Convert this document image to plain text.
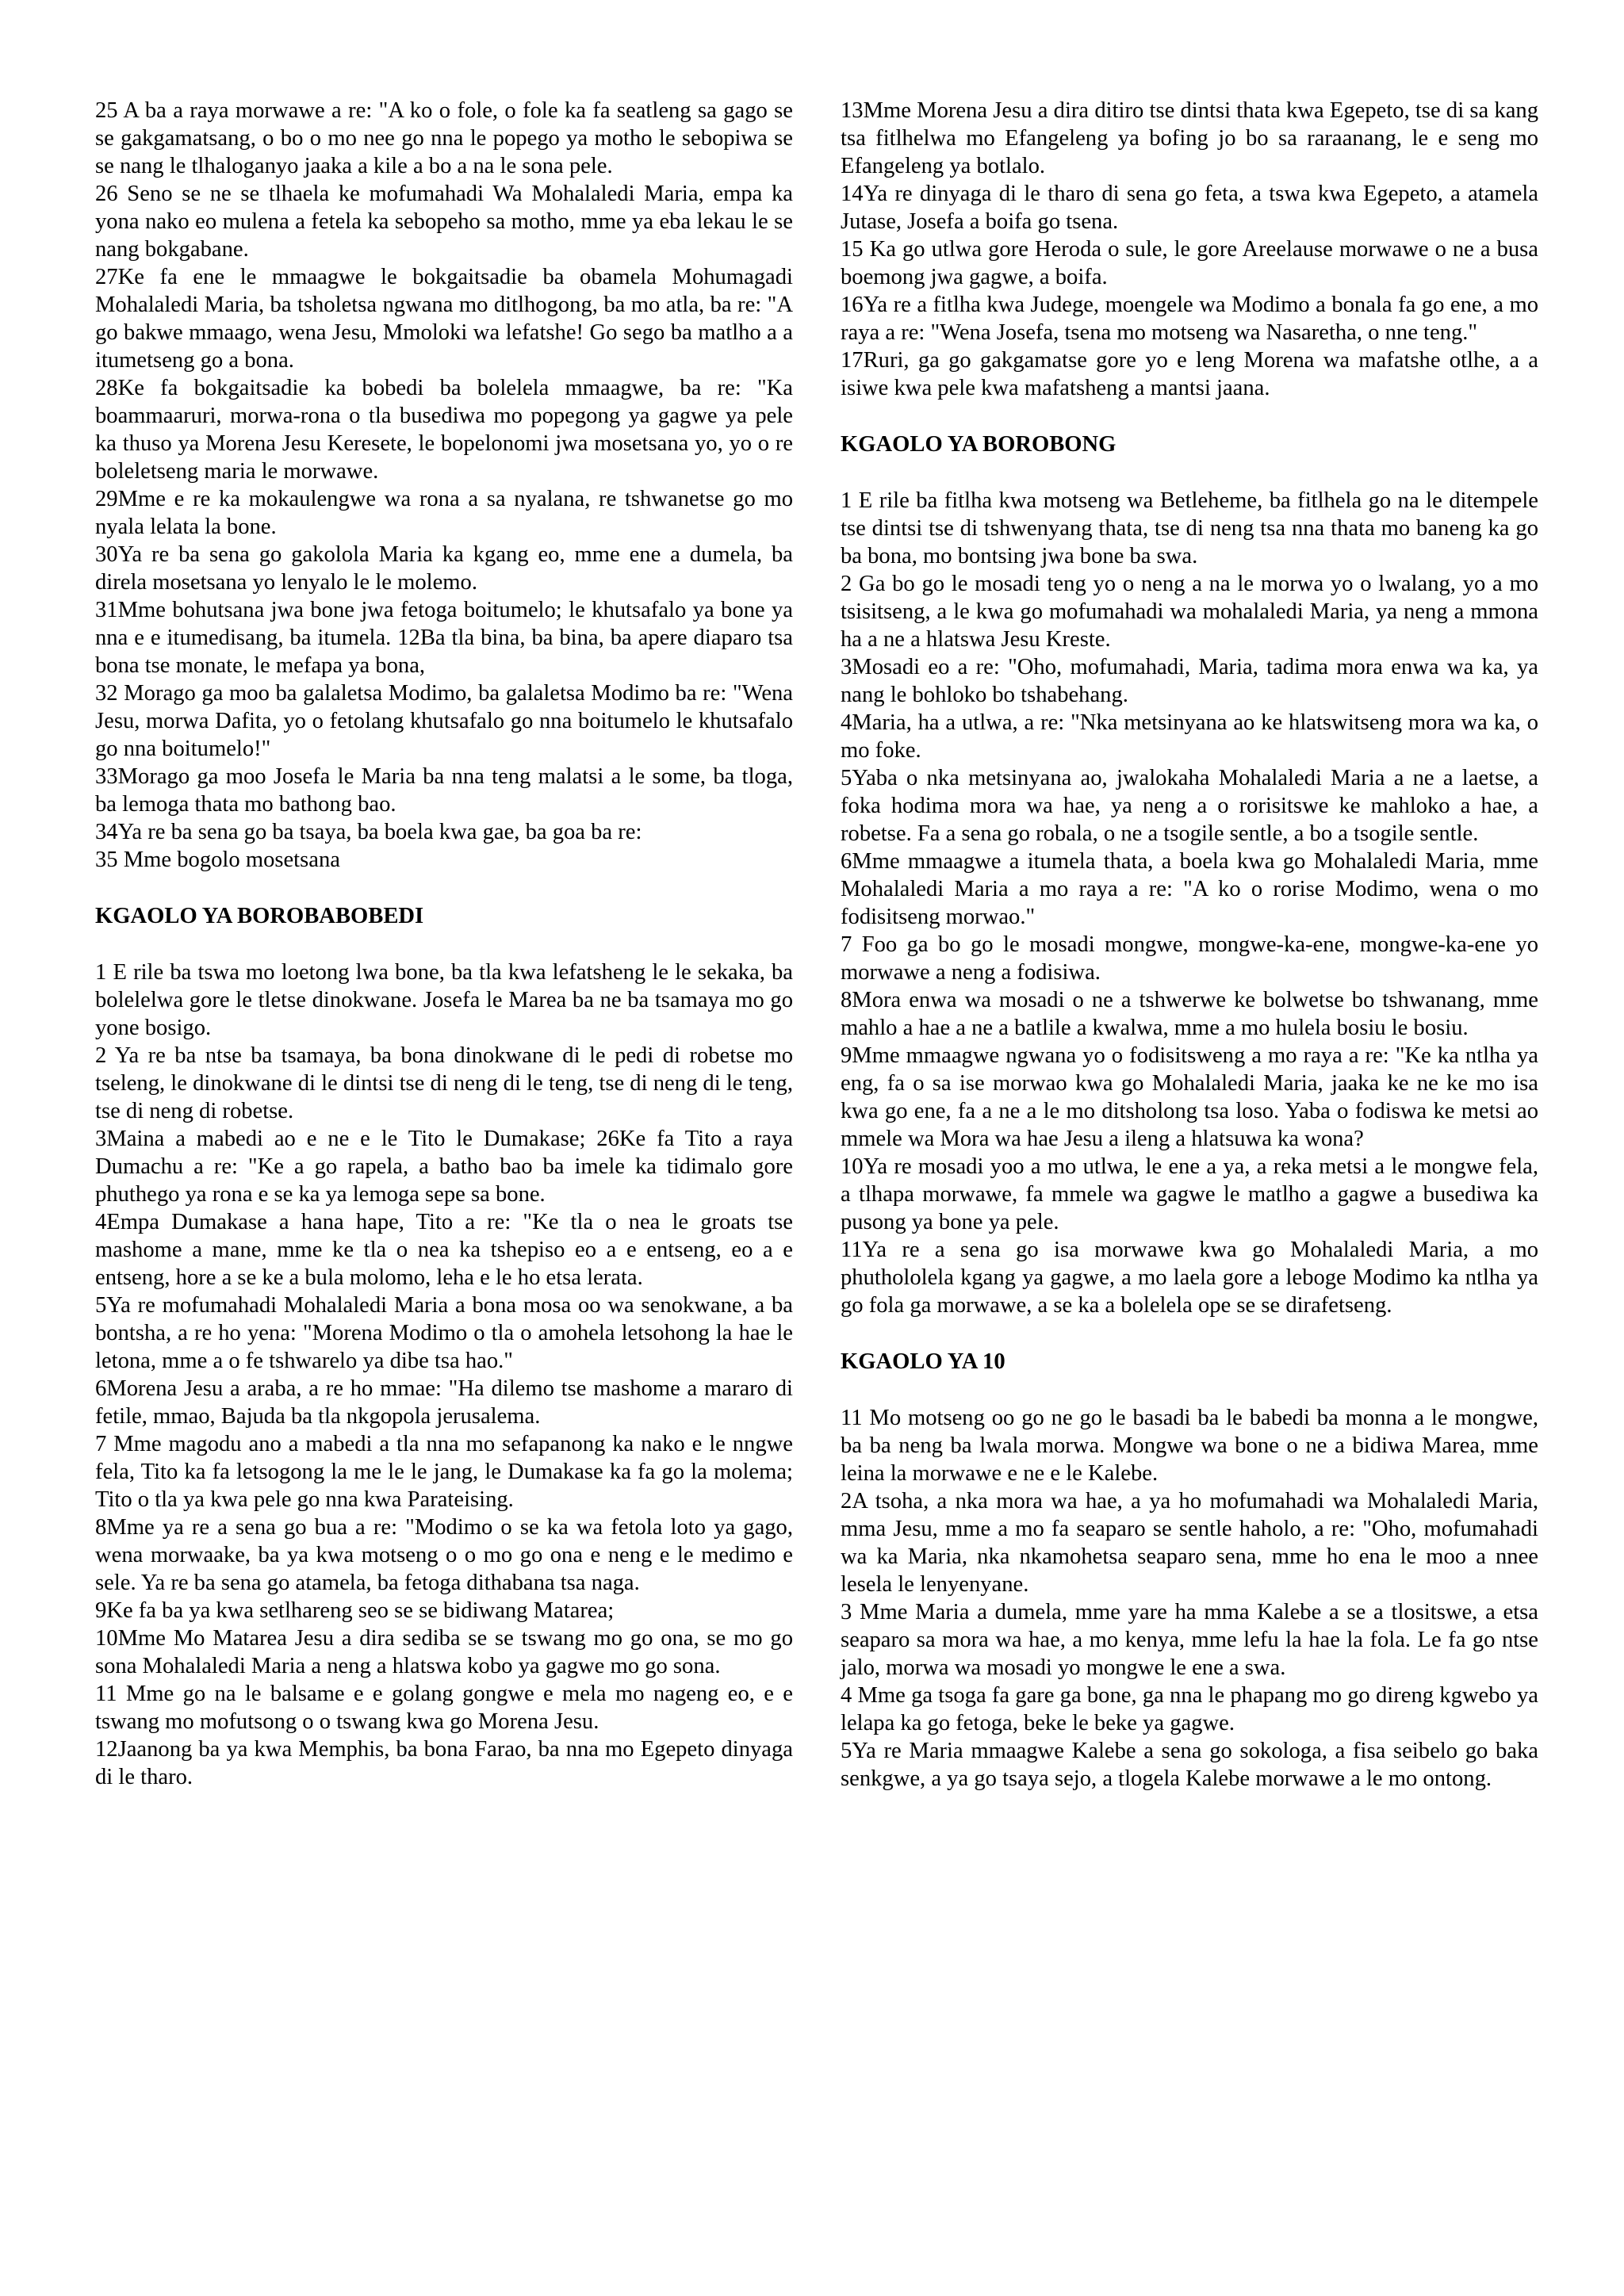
25 A ba a raya morwawe a re: "A ko o fole, o fole ka fa seatleng sa gago se se gakgamatsang, o bo o mo nee go nna le popego ya motho le sebopiwa se se nang le tlhaloganyo jaaka a kile a bo a na le sona pele.

26 Seno se ne se tlhaela ke mofumahadi Wa Mohalaledi Maria, empa ka yona nako eo mulena a fetela ka sebopeho sa motho, mme ya eba lekau le se nang bokgabane.

27Ke fa ene le mmaagwe le bokgaitsadie ba obamela Mohumagadi Mohalaledi Maria, ba tsholetsa ngwana mo ditlhogong, ba mo atla, ba re: "A go bakwe mmaago, wena Jesu, Mmoloki wa lefatshe! Go sego ba matlho a a itumetseng go a bona.

28Ke fa bokgaitsadie ka bobedi ba bolelela mmaagwe, ba re: "Ka boammaaruri, morwa-rona o tla busediwa mo popegong ya gagwe ya pele ka thuso ya Morena Jesu Keresete, le bopelonomi jwa mosetsana yo, yo o re boleletseng maria le morwawe.

29Mme e re ka mokaulengwe wa rona a sa nyalana, re tshwanetse go mo nyala lelata la bone.

30Ya re ba sena go gakolola Maria ka kgang eo, mme ene a dumela, ba direla mosetsana yo lenyalo le le molemo.

31Mme bohutsana jwa bone jwa fetoga boitumelo; le khutsafalo ya bone ya nna e e itumedisang, ba itumela. 12Ba tla bina, ba bina, ba apere diaparo tsa bona tse monate, le mefapa ya bona,

32 Morago ga moo ba galaletsa Modimo, ba galaletsa Modimo ba re: "Wena Jesu, morwa Dafita, yo o fetolang khutsafalo go nna boitumelo le khutsafalo go nna boitumelo!"

33Morago ga moo Josefa le Maria ba nna teng malatsi a le some, ba tloga, ba lemoga thata mo bathong bao.

34Ya re ba sena go ba tsaya, ba boela kwa gae, ba goa ba re:

35 Mme bogolo mosetsana

KGAOLO YA BOROBABOBEDI

1 E rile ba tswa mo loetong lwa bone, ba tla kwa lefatsheng le le sekaka, ba bolelelwa gore le tletse dinokwane. Josefa le Marea ba ne ba tsamaya mo go yone bosigo.

2 Ya re ba ntse ba tsamaya, ba bona dinokwane di le pedi di robetse mo tseleng, le dinokwane di le dintsi tse di neng di le teng, tse di neng di le teng, tse di neng di robetse.

3Maina a mabedi ao e ne e le Tito le Dumakase; 26Ke fa Tito a raya Dumachu a re: "Ke a go rapela, a batho bao ba imele ka tidimalo gore phuthego ya rona e se ka ya lemoga sepe sa bone.

4Empa Dumakase a hana hape, Tito a re: "Ke tla o nea le groats tse mashome a mane, mme ke tla o nea ka tshepiso eo a e entseng, eo a e entseng, hore a se ke a bula molomo, leha e le ho etsa lerata.

5Ya re mofumahadi Mohalaledi Maria a bona mosa oo wa senokwane, a ba bontsha, a re ho yena: "Morena Modimo o tla o amohela letsohong la hae le letona, mme a o fe tshwarelo ya dibe tsa hao."

6Morena Jesu a araba, a re ho mmae: "Ha dilemo tse mashome a mararo di fetile, mmao, Bajuda ba tla nkgopola jerusalema.

7 Mme magodu ano a mabedi a tla nna mo sefapanong ka nako e le nngwe fela, Tito ka fa letsogong la me le le jang, le Dumakase ka fa go la molema; Tito o tla ya kwa pele go nna kwa Parateising.

8Mme ya re a sena go bua a re: "Modimo o se ka wa fetola loto ya gago, wena morwaake, ba ya kwa motseng o o mo go ona e neng e le medimo e sele. Ya re ba sena go atamela, ba fetoga dithabana tsa naga.

9Ke fa ba ya kwa setlhareng seo se se bidiwang Matarea;

10Mme Mo Matarea Jesu a dira sediba se se tswang mo go ona, se mo go sona Mohalaledi Maria a neng a hlatswa kobo ya gagwe mo go sona.

11 Mme go na le balsame e e golang gongwe e mela mo nageng eo, e e tswang mo mofutsong o o tswang kwa go Morena Jesu.

12Jaanong ba ya kwa Memphis, ba bona Farao, ba nna mo Egepeto dinyaga di le tharo.

13Mme Morena Jesu a dira ditiro tse dintsi thata kwa Egepeto, tse di sa kang tsa fitlhelwa mo Efangeleng ya bofing jo bo sa raraanang, le e seng mo Efangeleng ya botlalo.

14Ya re dinyaga di le tharo di sena go feta, a tswa kwa Egepeto, a atamela Jutase, Josefa a boifa go tsena.

15 Ka go utlwa gore Heroda o sule, le gore Areelause morwawe o ne a busa boemong jwa gagwe, a boifa.

16Ya re a fitlha kwa Judege, moengele wa Modimo a bonala fa go ene, a mo raya a re: "Wena Josefa, tsena mo motseng wa Nasaretha, o nne teng."

17Ruri, ga go gakgamatse gore yo e leng Morena wa mafatshe otlhe, a a isiwe kwa pele kwa mafatsheng a mantsi jaana.

KGAOLO YA BOROBONG

1 E rile ba fitlha kwa motseng wa Betleheme, ba fitlhela go na le ditempele tse dintsi tse di tshwenyang thata, tse di neng tsa nna thata mo baneng ka go ba bona, mo bontsing jwa bone ba swa.

2 Ga bo go le mosadi teng yo o neng a na le morwa yo o lwalang, yo a mo tsisitseng, a le kwa go mofumahadi wa mohalaledi Maria, ya neng a mmona ha a ne a hlatswa Jesu Kreste.

3Mosadi eo a re: "Oho, mofumahadi, Maria, tadima mora enwa wa ka, ya nang le bohloko bo tshabehang.

4Maria, ha a utlwa, a re: "Nka metsinyana ao ke hlatswitseng mora wa ka, o mo foke.

5Yaba o nka metsinyana ao, jwalokaha Mohalaledi Maria a ne a laetse, a foka hodima mora wa hae, ya neng a o rorisitswe ke mahloko a hae, a robetse. Fa a sena go robala, o ne a tsogile sentle, a bo a tsogile sentle.

6Mme mmaagwe a itumela thata, a boela kwa go Mohalaledi Maria, mme Mohalaledi Maria a mo raya a re: "A ko o rorise Modimo, wena o mo fodisitseng morwao."

7 Foo ga bo go le mosadi mongwe, mongwe-ka-ene, mongwe-ka-ene yo morwawe a neng a fodisiwa.

8Mora enwa wa mosadi o ne a tshwerwe ke bolwetse bo tshwanang, mme mahlo a hae a ne a batlile a kwalwa, mme a mo hulela bosiu le bosiu.

9Mme mmaagwe ngwana yo o fodisitsweng a mo raya a re: "Ke ka ntlha ya eng, fa o sa ise morwao kwa go Mohalaledi Maria, jaaka ke ne ke mo isa kwa go ene, fa a ne a le mo ditsholong tsa loso. Yaba o fodiswa ke metsi ao mmele wa Mora wa hae Jesu a ileng a hlatsuwa ka wona?

10Ya re mosadi yoo a mo utlwa, le ene a ya, a reka metsi a le mongwe fela, a tlhapa morwawe, fa mmele wa gagwe le matlho a gagwe a busediwa ka pusong ya bone ya pele.

11Ya re a sena go isa morwawe kwa go Mohalaledi Maria, a mo phuthololela kgang ya gagwe, a mo laela gore a leboge Modimo ka ntlha ya go fola ga morwawe, a se ka a bolelela ope se se dirafetseng.

KGAOLO YA 10

11 Mo motseng oo go ne go le basadi ba le babedi ba monna a le mongwe, ba ba neng ba lwala morwa. Mongwe wa bone o ne a bidiwa Marea, mme leina la morwawe e ne e le Kalebe.

2A tsoha, a nka mora wa hae, a ya ho mofumahadi wa Mohalaledi Maria, mma Jesu, mme a mo fa seaparo se sentle haholo, a re: "Oho, mofumahadi wa ka Maria, nka nkamohetsa seaparo sena, mme ho ena le moo a nnee lesela le lenyenyane.

3 Mme Maria a dumela, mme yare ha mma Kalebe a se a tlositswe, a etsa seaparo sa mora wa hae, a mo kenya, mme lefu la hae la fola. Le fa go ntse jalo, morwa wa mosadi yo mongwe le ene a swa.

4 Mme ga tsoga fa gare ga bone, ga nna le phapang mo go direng kgwebo ya lelapa ka go fetoga, beke le beke ya gagwe.

5Ya re Maria mmaagwe Kalebe a sena go sokologa, a fisa seibelo go baka senkgwe, a ya go tsaya sejo, a tlogela Kalebe morwawe a le mo ontong.
